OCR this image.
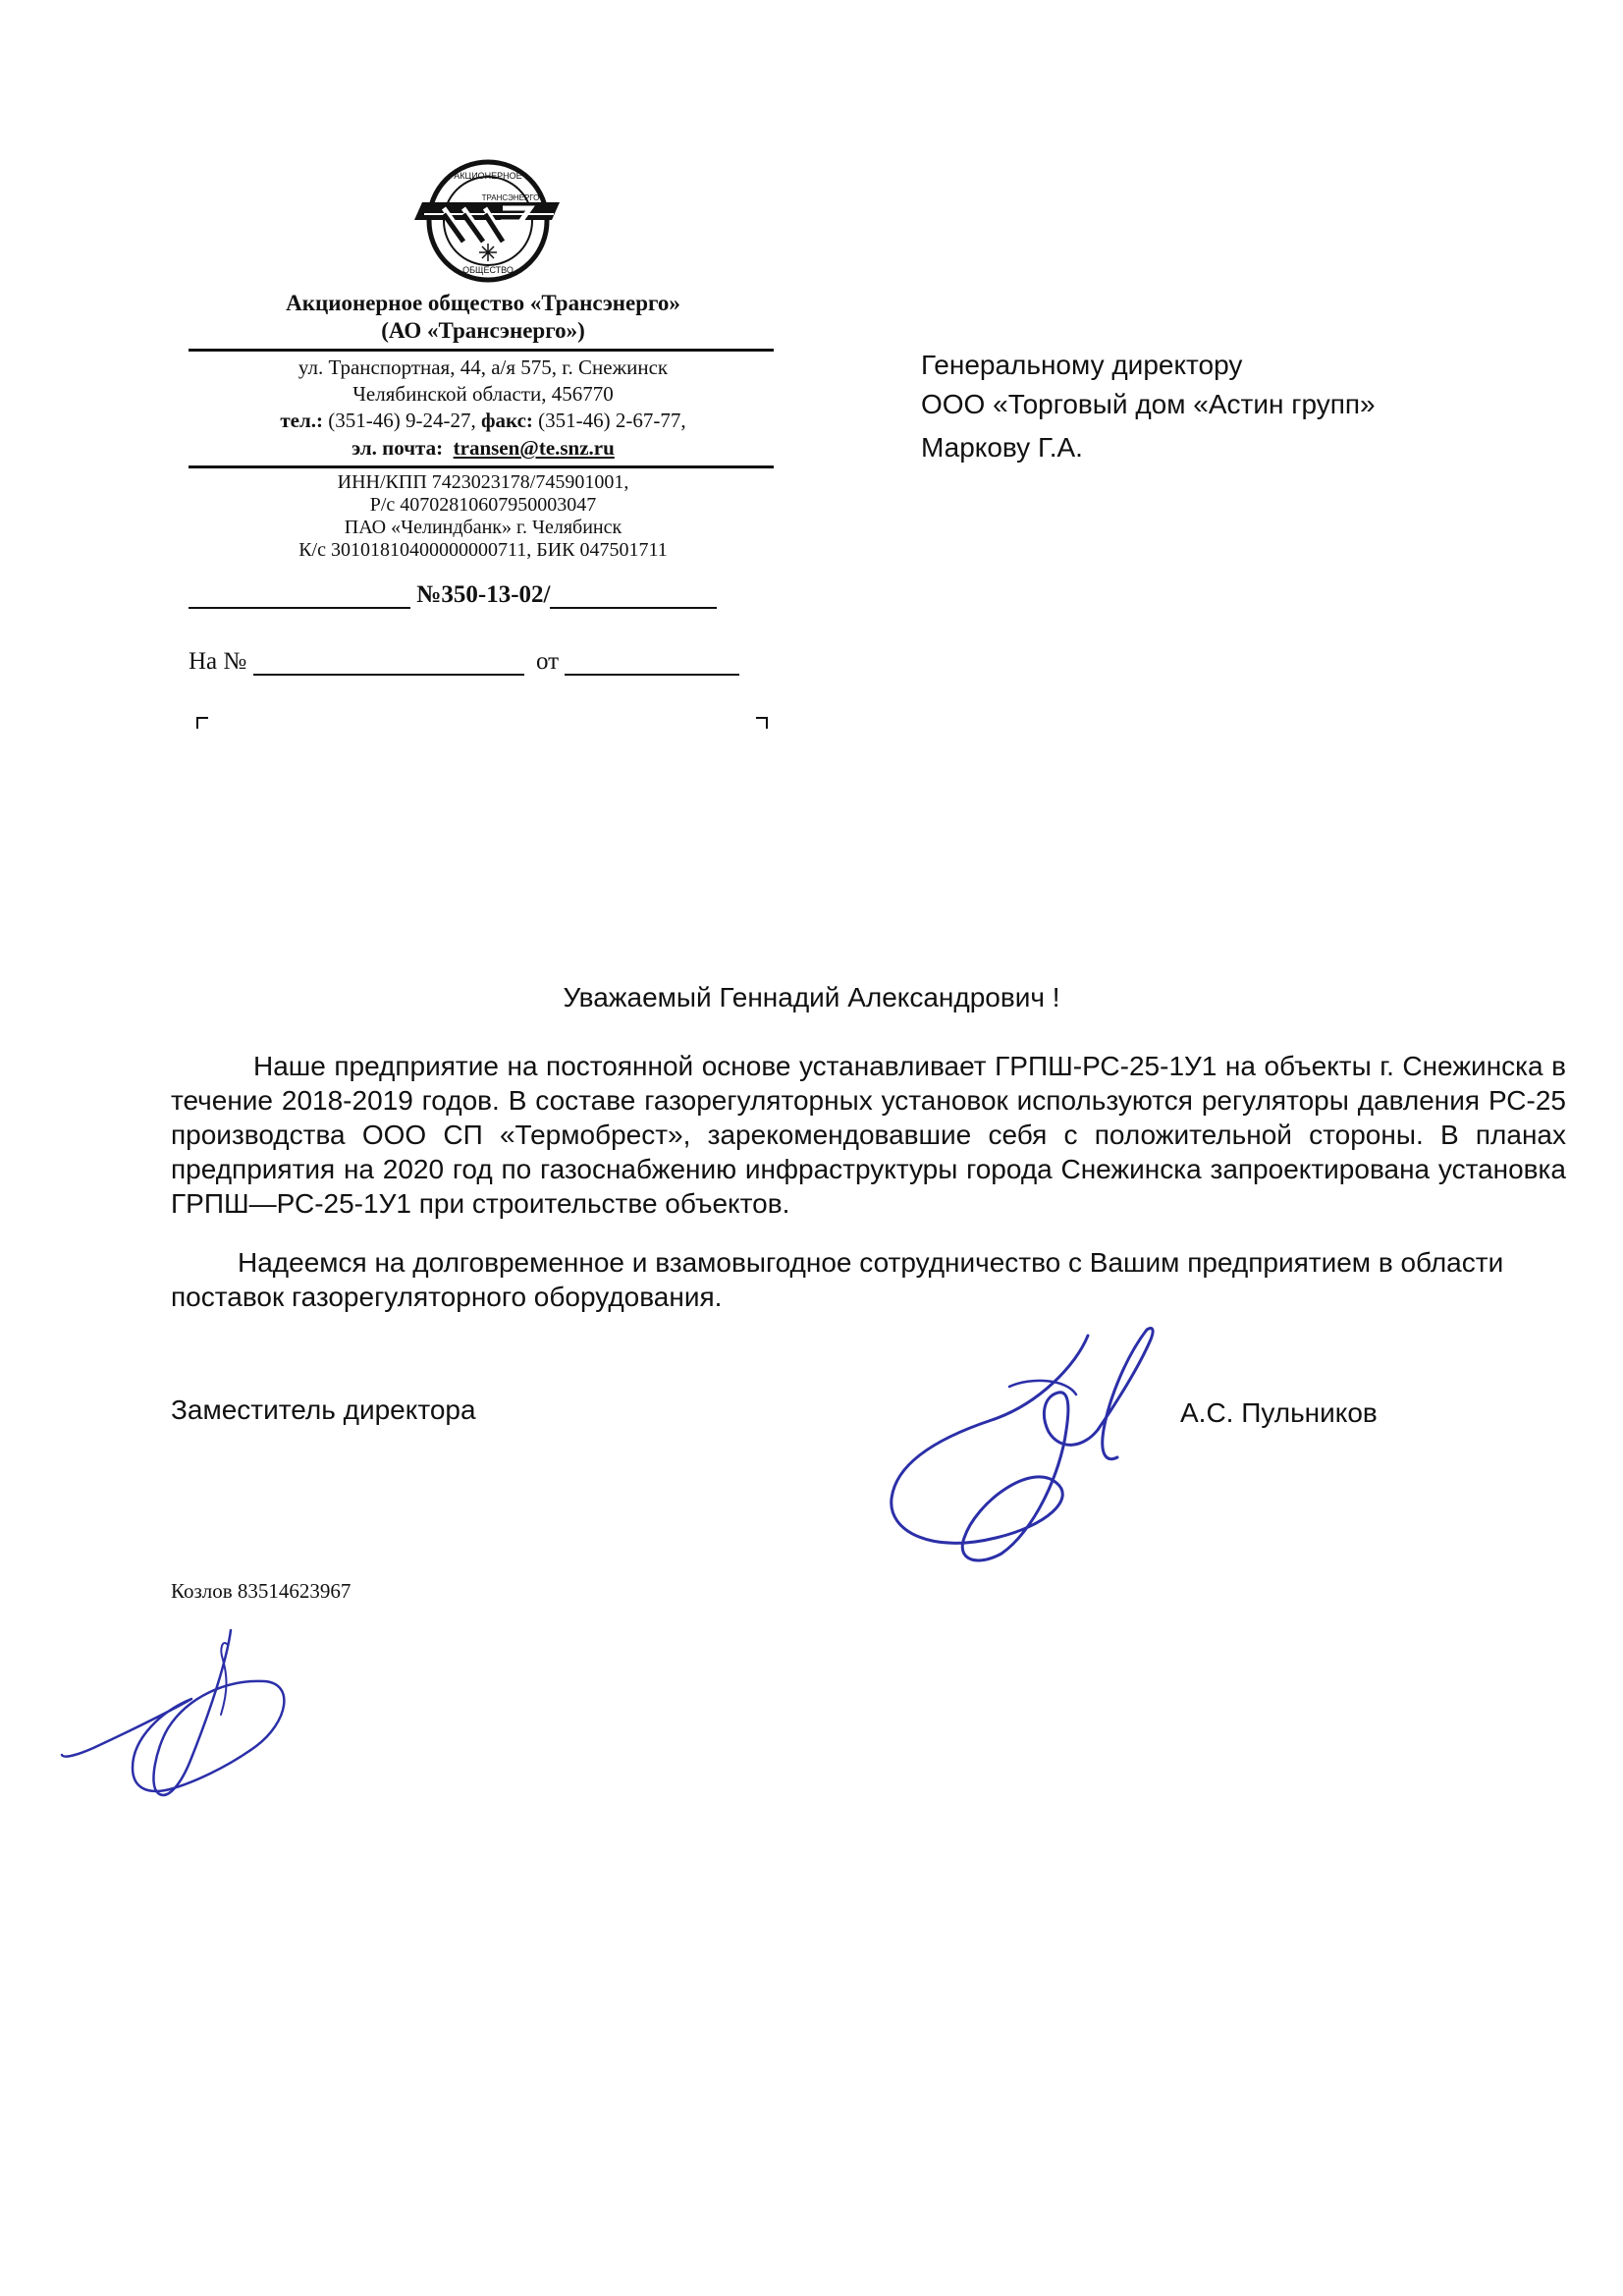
АКЦИОНЕРНОЕ
ТРАНСЭНЕРГО
ОБЩЕСТВО
Акционерное общество «Трансэнерго»
(АО «Трансэнерго»)
ул. Транспортная, 44, а/я 575, г. Снежинск
Челябинской области, 456770
тел.: (351-46) 9-24-27, факс: (351-46) 2-67-77,
эл. почта: transen@te.snz.ru
ИНН/КПП 7423023178/745901001,
Р/с 40702810607950003047
ПАО «Челиндбанк» г. Челябинск
К/с 30101810400000000711, БИК 047501711
№350-13-02/
На №	от
Генеральному директору
ООО «Торговый дом «Астин групп»
Маркову Г.А.
Уважаемый Геннадий Александрович !

Наше предприятие на постоянной основе устанавливает ГРПШ-РС-25-1У1 на объекты г. Снежинска в течение 2018-2019 годов. В составе газорегуляторных установок используются регуляторы давления РС-25 производства ООО СП «Термобрест», зарекомендовавшие себя с положительной стороны. В планах предприятия на 2020 год по газоснабжению инфраструктуры города Снежинска запроектирована установка ГРПШ—РС-25-1У1 при строительстве объектов.

Надеемся на долговременное и взамовыгодное сотрудничество с Вашим предприятием в области поставок газорегуляторного оборудования.

Заместитель директора	А.С. Пульников
Козлов 83514623967
